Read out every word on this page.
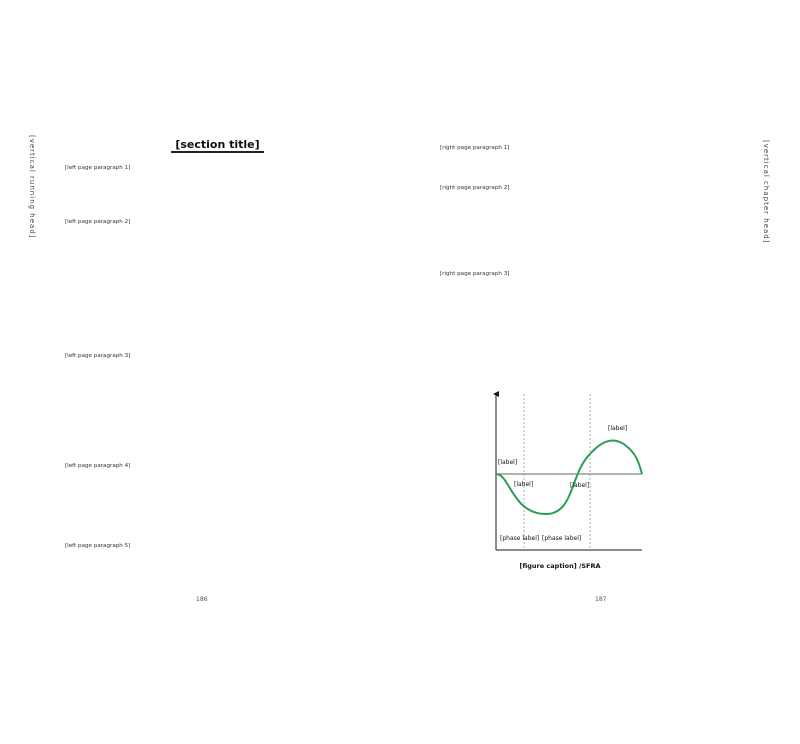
[vertical running head]	[vertical chapter head]
[section title]

[left page paragraph 1]

[left page paragraph 2]

[left page paragraph 3]

[left page paragraph 4]

[left page paragraph 5]

186

[right page paragraph 1]

[right page paragraph 2]

[right page paragraph 3]

187
[label]
[label]	[label]
[label]
[phase label] [phase label]
[figure caption] /SFRA
